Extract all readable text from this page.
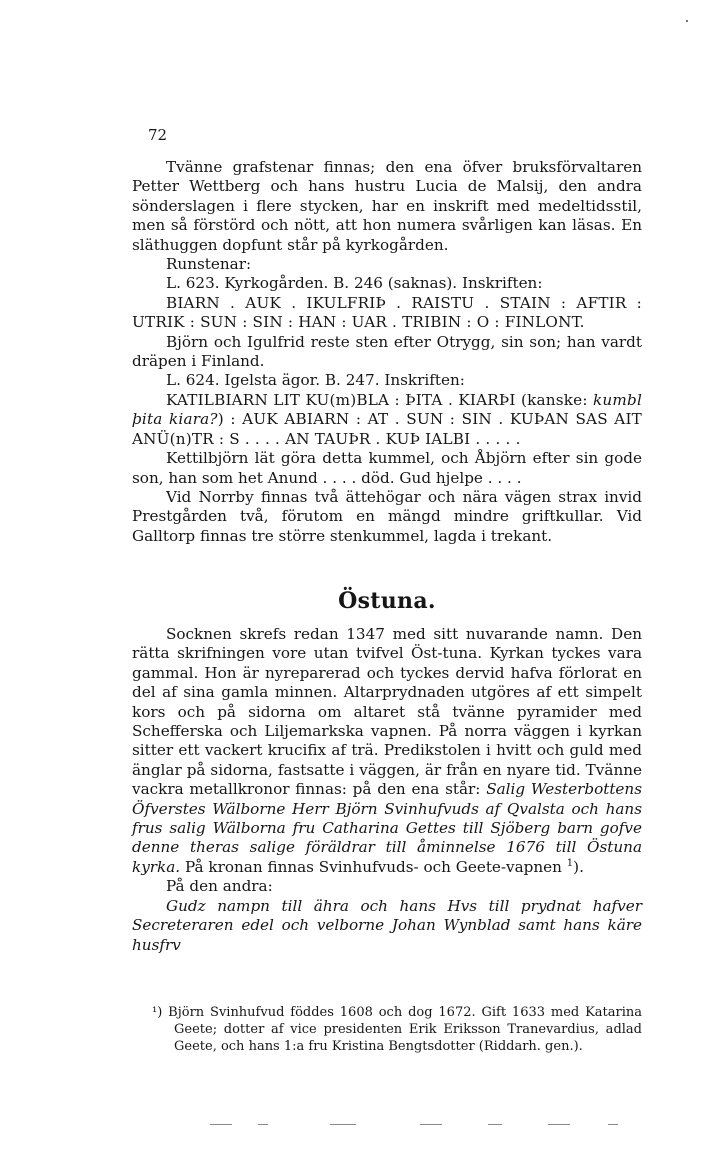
72

Tvänne grafstenar finnas; den ena öfver bruksförvaltaren Petter Wettberg och hans hustru Lucia de Malsij, den andra sönderslagen i flere stycken, har en inskrift med medeltidsstil, men så förstörd och nött, att hon numera svårligen kan läsas. En släthuggen dopfunt står på kyrkogården.

Runstenar:

L. 623. Kyrkogården. B. 246 (saknas). Inskriften:

BIARN . AUK . IKULFRIÞ . RAISTU . STAIN : AFTIR : UTRIK : SUN : SIN : HAN : UAR . TRIBIN : O : FINLONT.

Björn och Igulfrid reste sten efter Otrygg, sin son; han vardt dräpen i Finland.

L. 624. Igelsta ägor. B. 247. Inskriften:

KATILBIARN LIT KU(m)BLA : ÞITA . KIARÞI (kanske: kumbl þita kiara?) : AUK ABIARN : AT . SUN : SIN . KUÞAN SAS AIT ANÜ(n)TR : S . . . . AN TAUÞR . KUÞ IALBI . . . . .

Kettilbjörn lät göra detta kummel, och Åbjörn efter sin gode son, han som het Anund . . . . död. Gud hjelpe . . . .

Vid Norrby finnas två ättehögar och nära vägen strax invid Prestgården två, förutom en mängd mindre griftkullar. Vid Galltorp finnas tre större stenkummel, lagda i trekant.

Östuna.

Socknen skrefs redan 1347 med sitt nuvarande namn. Den rätta skrifningen vore utan tvifvel Öst-tuna. Kyrkan tyckes vara gammal. Hon är nyreparerad och tyckes dervid hafva förlorat en del af sina gamla minnen. Altarprydnaden utgöres af ett simpelt kors och på sidorna om altaret stå tvänne pyramider med Schefferska och Liljemarkska vapnen. På norra väggen i kyrkan sitter ett vackert krucifix af trä. Predikstolen i hvitt och guld med änglar på sidorna, fastsatte i väggen, är från en nyare tid. Tvänne vackra metallkronor finnas: på den ena står: Salig Westerbottens Öfverstes Wälborne Herr Björn Svinhufvuds af Qvalsta och hans frus salig Wälborna fru Catharina Gettes till Sjöberg barn gofve denne theras salige föräldrar till åminnelse 1676 till Östuna kyrka. På kronan finnas Svinhufvuds- och Geete-vapnen $^1$).

På den andra:

Gudz nampn till ähra och hans Hvs till prydnat hafver Secreteraren edel och velborne Johan Wynblad samt hans käre husfrv

¹) Björn Svinhufvud föddes 1608 och dog 1672. Gift 1633 med Katarina Geete; dotter af vice presidenten Erik Eriksson Tranevardius, adlad Geete, och hans 1:a fru Kristina Bengtsdotter (Riddarh. gen.).
